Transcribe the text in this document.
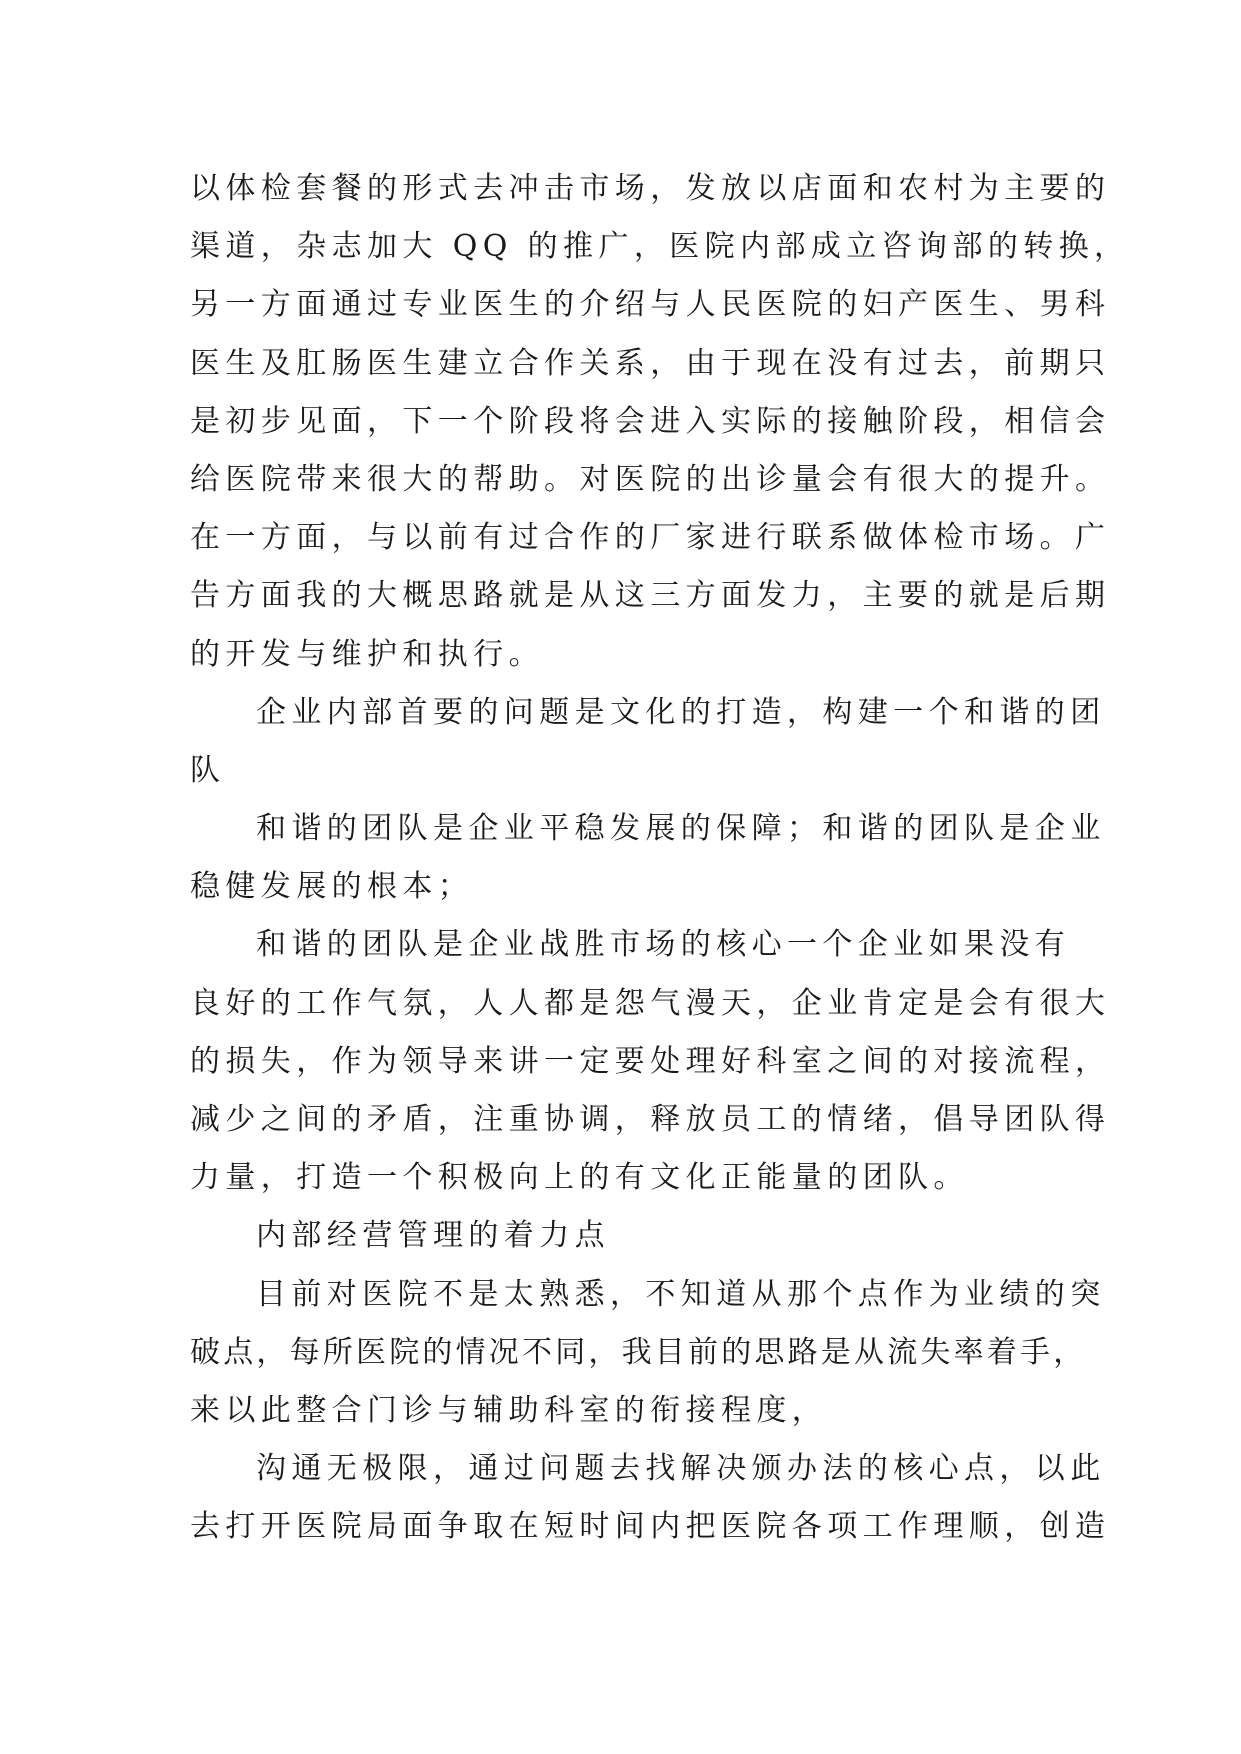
以体检套餐的形式去冲击市场，发放以店面和农村为主要的
渠道，杂志加大 QQ 的推广，医院内部成立咨询部的转换，
另一方面通过专业医生的介绍与人民医院的妇产医生、男科
医生及肛肠医生建立合作关系，由于现在没有过去，前期只
是初步见面，下一个阶段将会进入实际的接触阶段，相信会
给医院带来很大的帮助。对医院的出诊量会有很大的提升。
在一方面，与以前有过合作的厂家进行联系做体检市场。广
告方面我的大概思路就是从这三方面发力，主要的就是后期
的开发与维护和执行。
企业内部首要的问题是文化的打造，构建一个和谐的团
队
和谐的团队是企业平稳发展的保障；和谐的团队是企业
稳健发展的根本；
和谐的团队是企业战胜市场的核心一个企业如果没有
良好的工作气氛，人人都是怨气漫天，企业肯定是会有很大
的损失，作为领导来讲一定要处理好科室之间的对接流程，
减少之间的矛盾，注重协调，释放员工的情绪，倡导团队得
力量，打造一个积极向上的有文化正能量的团队。
内部经营管理的着力点
目前对医院不是太熟悉，不知道从那个点作为业绩的突
破点，每所医院的情况不同，我目前的思路是从流失率着手，
来以此整合门诊与辅助科室的衔接程度，
沟通无极限，通过问题去找解决颁办法的核心点，以此
去打开医院局面争取在短时间内把医院各项工作理顺，创造
